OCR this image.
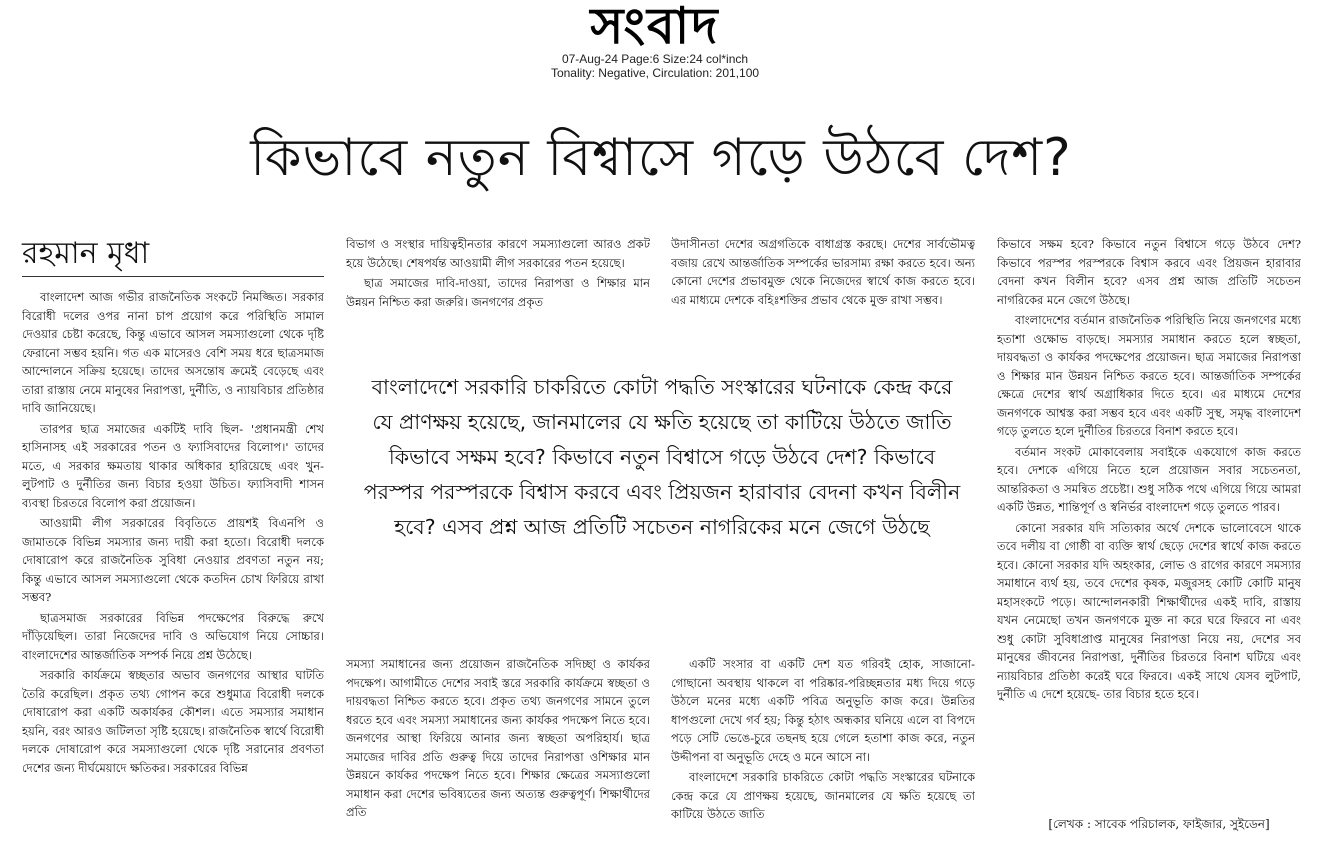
সংবাদ
07-Aug-24 Page:6 Size:24 col*inch
Tonality: Negative, Circulation: 201,100
কিভাবে নতুন বিশ্বাসে গড়ে উঠবে দেশ?
রহমান মৃধা

বাংলাদেশ আজ গভীর রাজনৈতিক সংকটে নিমজ্জিত। সরকার বিরোধী দলের ওপর নানা চাপ প্রয়োগ করে পরিস্থিতি সামাল দেওয়ার চেষ্টা করেছে, কিন্তু এভাবে আসল সমস্যাগুলো থেকে দৃষ্টি ফেরানো সম্ভব হয়নি। গত এক মাসেরও বেশি সময় ধরে ছাত্রসমাজ আন্দোলনে সক্রিয় হয়েছে। তাদের অসন্তোষ ক্রমেই বেড়েছে এবং তারা রাস্তায় নেমে মানুষের নিরাপত্তা, দুর্নীতি, ও ন্যায়বিচার প্রতিষ্ঠার দাবি জানিয়েছে।

তারপর ছাত্র সমাজের একটিই দাবি ছিল- 'প্রধানমন্ত্রী শেখ হাসিনাসহ এই সরকারের পতন ও ফ্যাসিবাদের বিলোপ।' তাদের মতে, এ সরকার ক্ষমতায় থাকার অধিকার হারিয়েছে এবং খুন-লুটপাট ও দুর্নীতির জন্য বিচার হওয়া উচিত। ফ্যাসিবাদী শাসন ব্যবস্থা চিরতরে বিলোপ করা প্রয়োজন।

আওয়ামী লীগ সরকারের বিবৃতিতে প্রায়শই বিএনপি ও জামাতকে বিভিন্ন সমস্যার জন্য দায়ী করা হতো। বিরোধী দলকে দোষারোপ করে রাজনৈতিক সুবিধা নেওয়ার প্রবণতা নতুন নয়; কিন্তু এভাবে আসল সমস্যাগুলো থেকে কতদিন চোখ ফিরিয়ে রাখা সম্ভব?

ছাত্রসমাজ সরকারের বিভিন্ন পদক্ষেপের বিরুদ্ধে রুখে দাঁড়িয়েছিল। তারা নিজেদের দাবি ও অভিযোগ নিয়ে সোচ্চার। বাংলাদেশের আন্তর্জাতিক সম্পর্ক নিয়ে প্রশ্ন উঠেছে।

সরকারি কার্যক্রমে স্বচ্ছতার অভাব জনগণের আস্থার ঘাটতি তৈরি করেছিল। প্রকৃত তথ্য গোপন করে শুধুমাত্র বিরোধী দলকে দোষারোপ করা একটি অকার্যকর কৌশল। এতে সমস্যার সমাধান হয়নি, বরং আরও জটিলতা সৃষ্টি হয়েছে। রাজনৈতিক স্বার্থে বিরোধী দলকে দোষারোপ করে সমস্যাগুলো থেকে দৃষ্টি সরানোর প্রবণতা দেশের জন্য দীর্ঘমেয়াদে ক্ষতিকর। সরকারের বিভিন্ন

বিভাগ ও সংস্থার দায়িত্বহীনতার কারণে সমস্যাগুলো আরও প্রকট হয়ে উঠেছে। শেষপর্যন্ত আওয়ামী লীগ সরকারের পতন হয়েছে।

ছাত্র সমাজের দাবি-দাওয়া, তাদের নিরাপত্তা ও শিক্ষার মান উন্নয়ন নিশ্চিত করা জরুরি। জনগণের প্রকৃত

উদাসীনতা দেশের অগ্রগতিকে বাধাগ্রস্ত করছে। দেশের সার্বভৌমত্ব বজায় রেখে আন্তর্জাতিক সম্পর্কের ভারসাম্য রক্ষা করতে হবে। অন্য কোনো দেশের প্রভাবমুক্ত থেকে নিজেদের স্বার্থে কাজ করতে হবে। এর মাধ্যমে দেশকে বহিঃশক্তির প্রভাব থেকে মুক্ত রাখা সম্ভব।

বাংলাদেশে সরকারি চাকরিতে কোটা পদ্ধতি সংস্কারের ঘটনাকে কেন্দ্র করে যে প্রাণক্ষয় হয়েছে, জানমালের যে ক্ষতি হয়েছে তা কাটিয়ে উঠতে জাতি কিভাবে সক্ষম হবে? কিভাবে নতুন বিশ্বাসে গড়ে উঠবে দেশ? কিভাবে পরস্পর পরস্পরকে বিশ্বাস করবে এবং প্রিয়জন হারাবার বেদনা কখন বিলীন হবে? এসব প্রশ্ন আজ প্রতিটি সচেতন নাগরিকের মনে জেগে উঠছে

সমস্যা সমাধানের জন্য প্রয়োজন রাজনৈতিক সদিচ্ছা ও কার্যকর পদক্ষেপ। আগামীতে দেশের সবাই স্তরে সরকারি কার্যক্রমে স্বচ্ছতা ও দায়বদ্ধতা নিশ্চিত করতে হবে। প্রকৃত তথ্য জনগণের সামনে তুলে ধরতে হবে এবং সমস্যা সমাধানের জন্য কার্যকর পদক্ষেপ নিতে হবে। জনগণের আস্থা ফিরিয়ে আনার জন্য স্বচ্ছতা অপরিহার্য। ছাত্র সমাজের দাবির প্রতি গুরুত্ব দিয়ে তাদের নিরাপত্তা ওশিক্ষার মান উন্নয়নে কার্যকর পদক্ষেপ নিতে হবে। শিক্ষার ক্ষেত্রের সমস্যাগুলো সমাধান করা দেশের ভবিষ্যতের জন্য অত্যন্ত গুরুত্বপূর্ণ। শিক্ষার্থীদের প্রতি

একটি সংসার বা একটি দেশ যত গরিবই হোক, সাজানো-গোছানো অবস্থায় থাকলে বা পরিষ্কার-পরিচ্ছন্নতার মধ্য দিয়ে গড়ে উঠলে মনের মধ্যে একটি পবিত্র অনুভূতি কাজ করে। উন্নতির ধাপগুলো দেখে গর্ব হয়; কিন্তু হঠাৎ অন্ধকার ঘনিয়ে এলে বা বিপদে পড়ে সেটি ভেঙে-চুরে তছনছ হয়ে গেলে হতাশা কাজ করে, নতুন উদ্দীপনা বা অনুভূতি দেহে ও মনে আসে না।

বাংলাদেশে সরকারি চাকরিতে কোটা পদ্ধতি সংস্কারের ঘটনাকে কেন্দ্র করে যে প্রাণক্ষয় হয়েছে, জানমালের যে ক্ষতি হয়েছে তা কাটিয়ে উঠতে জাতি

কিভাবে সক্ষম হবে? কিভাবে নতুন বিশ্বাসে গড়ে উঠবে দেশ? কিভাবে পরস্পর পরস্পরকে বিশ্বাস করবে এবং প্রিয়জন হারাবার বেদনা কখন বিলীন হবে? এসব প্রশ্ন আজ প্রতিটি সচেতন নাগরিকের মনে জেগে উঠছে।

বাংলাদেশের বর্তমান রাজনৈতিক পরিস্থিতি নিয়ে জনগণের মধ্যে হতাশা ওক্ষোভ বাড়ছে। সমস্যার সমাধান করতে হলে স্বচ্ছতা, দায়বদ্ধতা ও কার্যকর পদক্ষেপের প্রয়োজন। ছাত্র সমাজের নিরাপত্তা ও শিক্ষার মান উন্নয়ন নিশ্চিত করতে হবে। আন্তর্জাতিক সম্পর্কের ক্ষেত্রে দেশের স্বার্থ অগ্রাধিকার দিতে হবে। এর মাধ্যমে দেশের জনগণকে আশ্বস্ত করা সম্ভব হবে এবং একটি সুস্থ, সমৃদ্ধ বাংলাদেশ গড়ে তুলতে হলে দুর্নীতির চিরতরে বিনাশ করতে হবে।

বর্তমান সংকট মোকাবেলায় সবাইকে একযোগে কাজ করতে হবে। দেশকে এগিয়ে নিতে হলে প্রয়োজন সবার সচেতনতা, আন্তরিকতা ও সমন্বিত প্রচেষ্টা। শুধু সঠিক পথে এগিয়ে গিয়ে আমরা একটি উন্নত, শান্তিপূর্ণ ও স্বনির্ভর বাংলাদেশ গড়ে তুলতে পারব।

কোনো সরকার যদি সত্যিকার অর্থে দেশকে ভালোবেসে থাকে তবে দলীয় বা গোষ্ঠী বা ব্যক্তি স্বার্থ ছেড়ে দেশের স্বার্থে কাজ করতে হবে। কোনো সরকার যদি অহংকার, লোভ ও রাগের কারণে সমস্যার সমাধানে ব্যর্থ হয়, তবে দেশের কৃষক, মজুরসহ কোটি কোটি মানুষ মহাসংকটে পড়ে। আন্দোলনকারী শিক্ষার্থীদের একই দাবি, রাস্তায় যখন নেমেছো তখন জনগণকে মুক্ত না করে ঘরে ফিরবে না এবং শুধু কোটা সুবিধাপ্রাপ্ত মানুষের নিরাপত্তা নিয়ে নয়, দেশের সব মানুষের জীবনের নিরাপত্তা, দুর্নীতির চিরতরে বিনাশ ঘটিয়ে এবং ন্যায়বিচার প্রতিষ্ঠা করেই ঘরে ফিরবে। একই সাথে যেসব লুটপাট, দুর্নীতি এ দেশে হয়েছে- তার বিচার হতে হবে।

[লেখক : সাবেক পরিচালক, ফাইজার, সুইডেন]
